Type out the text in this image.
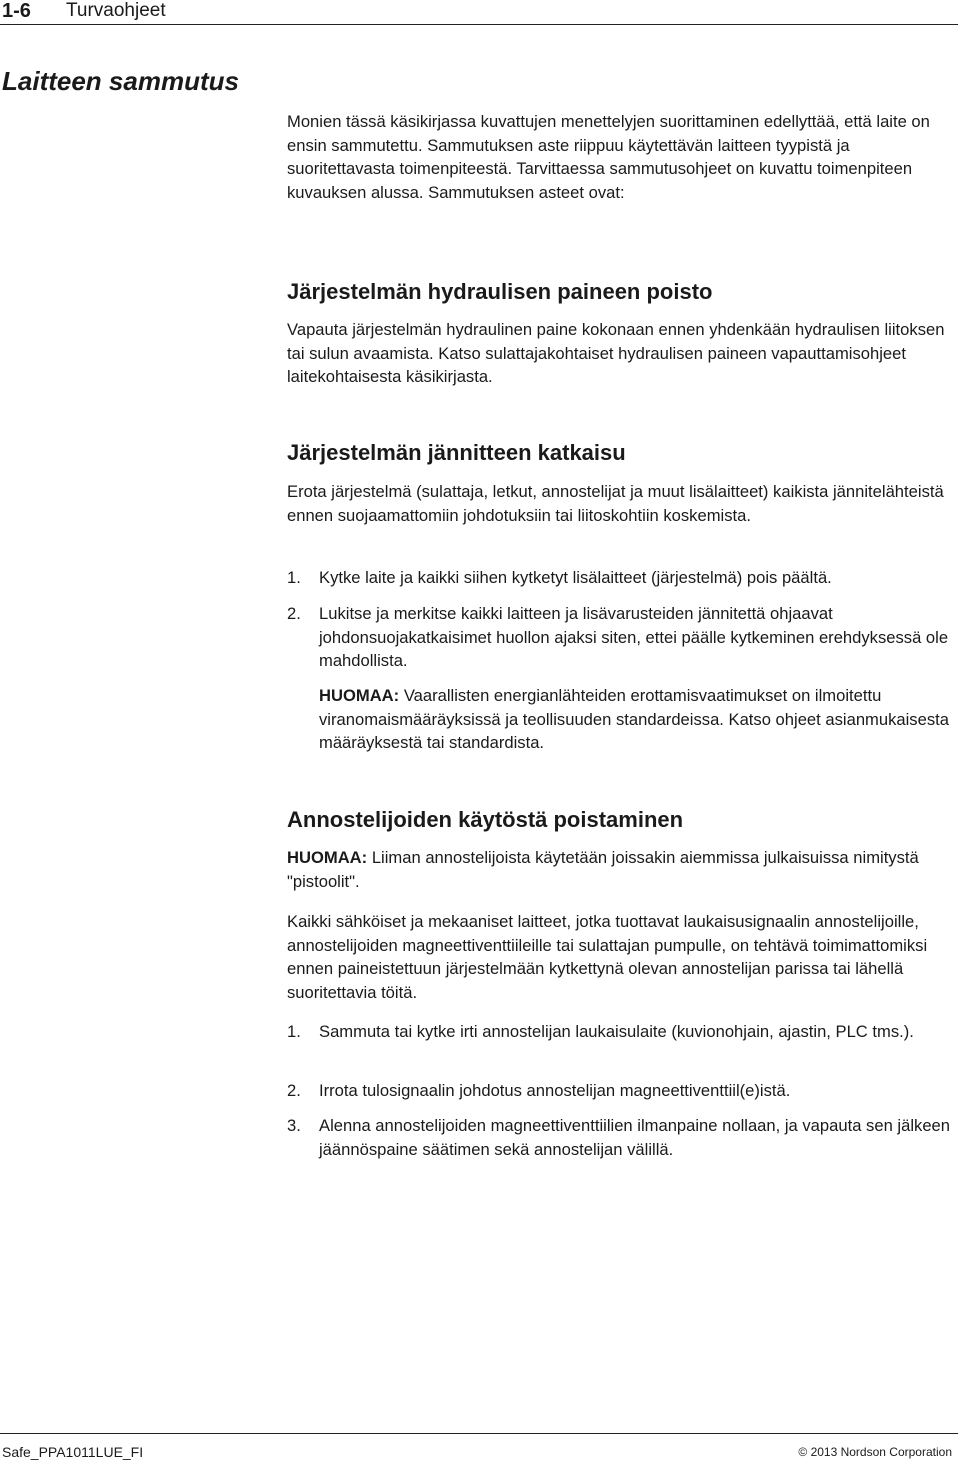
1-6 Turvaohjeet
Laitteen sammutus

Monien tässä käsikirjassa kuvattujen menettelyjen suorittaminen edellyttää, että laite on ensin sammutettu. Sammutuksen aste riippuu käytettävän laitteen tyypistä ja suoritettavasta toimenpiteestä. Tarvittaessa sammutusohjeet on kuvattu toimenpiteen kuvauksen alussa. Sammutuksen asteet ovat:

Järjestelmän hydraulisen paineen poisto

Vapauta järjestelmän hydraulinen paine kokonaan ennen yhdenkään hydraulisen liitoksen tai sulun avaamista. Katso sulattajakohtaiset hydraulisen paineen vapauttamisohjeet laitekohtaisesta käsikirjasta.

Järjestelmän jännitteen katkaisu

Erota järjestelmä (sulattaja, letkut, annostelijat ja muut lisälaitteet) kaikista jännitelähteistä ennen suojaamattomiin johdotuksiin tai liitoskohtiin koskemista.

1. Kytke laite ja kaikki siihen kytketyt lisälaitteet (järjestelmä) pois päältä.
2. Lukitse ja merkitse kaikki laitteen ja lisävarusteiden jännitettä ohjaavat johdonsuojakatkaisimet huollon ajaksi siten, ettei päälle kytkeminen erehdyksessä ole mahdollista.

HUOMAA: Vaarallisten energianlähteiden erottamisvaatimukset on ilmoitettu viranomaismääräyksissä ja teollisuuden standardeissa. Katso ohjeet asianmukaisesta määräyksestä tai standardista.

Annostelijoiden käytöstä poistaminen

HUOMAA: Liiman annostelijoista käytetään joissakin aiemmissa julkaisuissa nimitystä "pistoolit".

Kaikki sähköiset ja mekaaniset laitteet, jotka tuottavat laukaisusignaalin annostelijoille, annostelijoiden magneettiventtiileille tai sulattajan pumpulle, on tehtävä toimimattomiksi ennen paineistettuun järjestelmään kytkettynä olevan annostelijan parissa tai lähellä suoritettavia töitä.

1. Sammuta tai kytke irti annostelijan laukaisulaite (kuvionohjain, ajastin, PLC tms.).
2. Irrota tulosignaalin johdotus annostelijan magneettiventtiil(e)istä.
3. Alenna annostelijoiden magneettiventtiilien ilmanpaine nollaan, ja vapauta sen jälkeen jäännöspaine säätimen sekä annostelijan välillä.
Safe_PPA1011LUE_FI	© 2013 Nordson Corporation
